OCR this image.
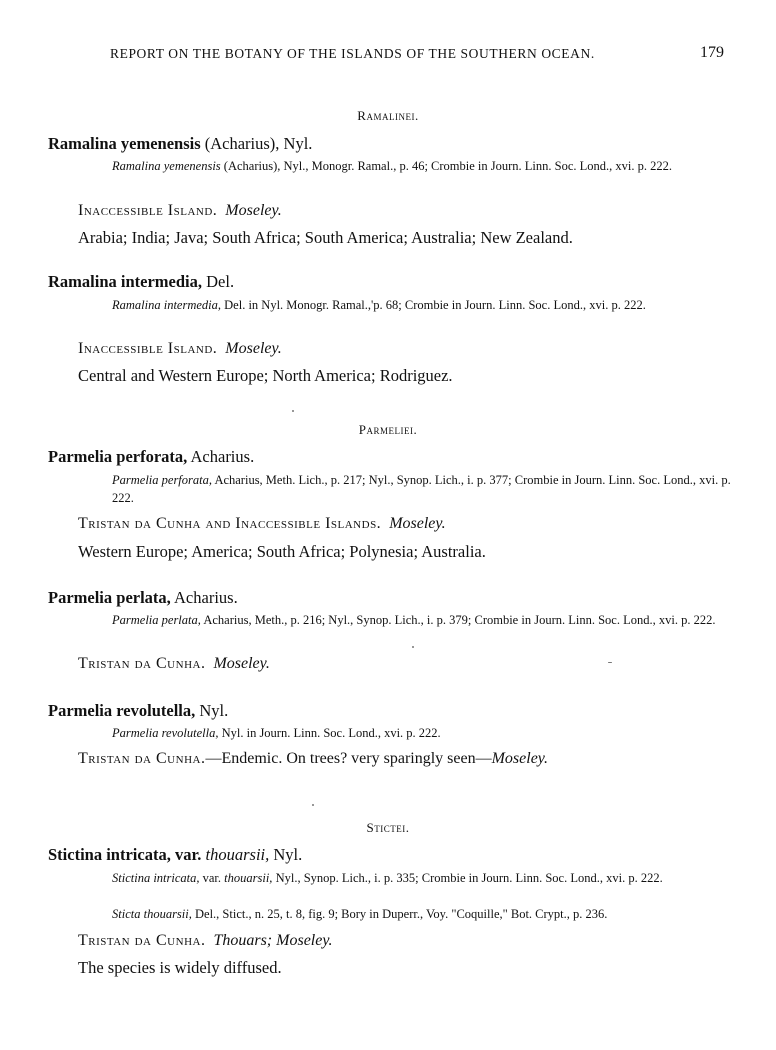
REPORT ON THE BOTANY OF THE ISLANDS OF THE SOUTHERN OCEAN.	179
Ramalinei.
Ramalina yemenensis (Acharius), Nyl.
Ramalina yemenensis (Acharius), Nyl., Monogr. Ramal., p. 46; Crombie in Journ. Linn. Soc. Lond., xvi. p. 222.
Inaccessible Island. Moseley.
Arabia; India; Java; South Africa; South America; Australia; New Zealand.
Ramalina intermedia, Del.
Ramalina intermedia, Del. in Nyl. Monogr. Ramal.,'p. 68; Crombie in Journ. Linn. Soc. Lond., xvi. p. 222.
Inaccessible Island. Moseley.
Central and Western Europe; North America; Rodriguez.
Parmeliei.
Parmelia perforata, Acharius.
Parmelia perforata, Acharius, Meth. Lich., p. 217; Nyl., Synop. Lich., i. p. 377; Crombie in Journ. Linn. Soc. Lond., xvi. p. 222.
Tristan da Cunha and Inaccessible Islands. Moseley.
Western Europe; America; South Africa; Polynesia; Australia.
Parmelia perlata, Acharius.
Parmelia perlata, Acharius, Meth., p. 216; Nyl., Synop. Lich., i. p. 379; Crombie in Journ. Linn. Soc. Lond., xvi. p. 222.
Tristan da Cunha. Moseley.
Parmelia revolutella, Nyl.
Parmelia revolutella, Nyl. in Journ. Linn. Soc. Lond., xvi. p. 222.
Tristan da Cunha.—Endemic. On trees? very sparingly seen—Moseley.
Stictei.
Stictina intricata, var. thouarsii, Nyl.
Stictina intricata, var. thouarsii, Nyl., Synop. Lich., i. p. 335; Crombie in Journ. Linn. Soc. Lond., xvi. p. 222.
Sticta thouarsii, Del., Stict., n. 25, t. 8, fig. 9; Bory in Duperr., Voy. "Coquille," Bot. Crypt., p. 236.
Tristan da Cunha. Thouars; Moseley.
The species is widely diffused.
